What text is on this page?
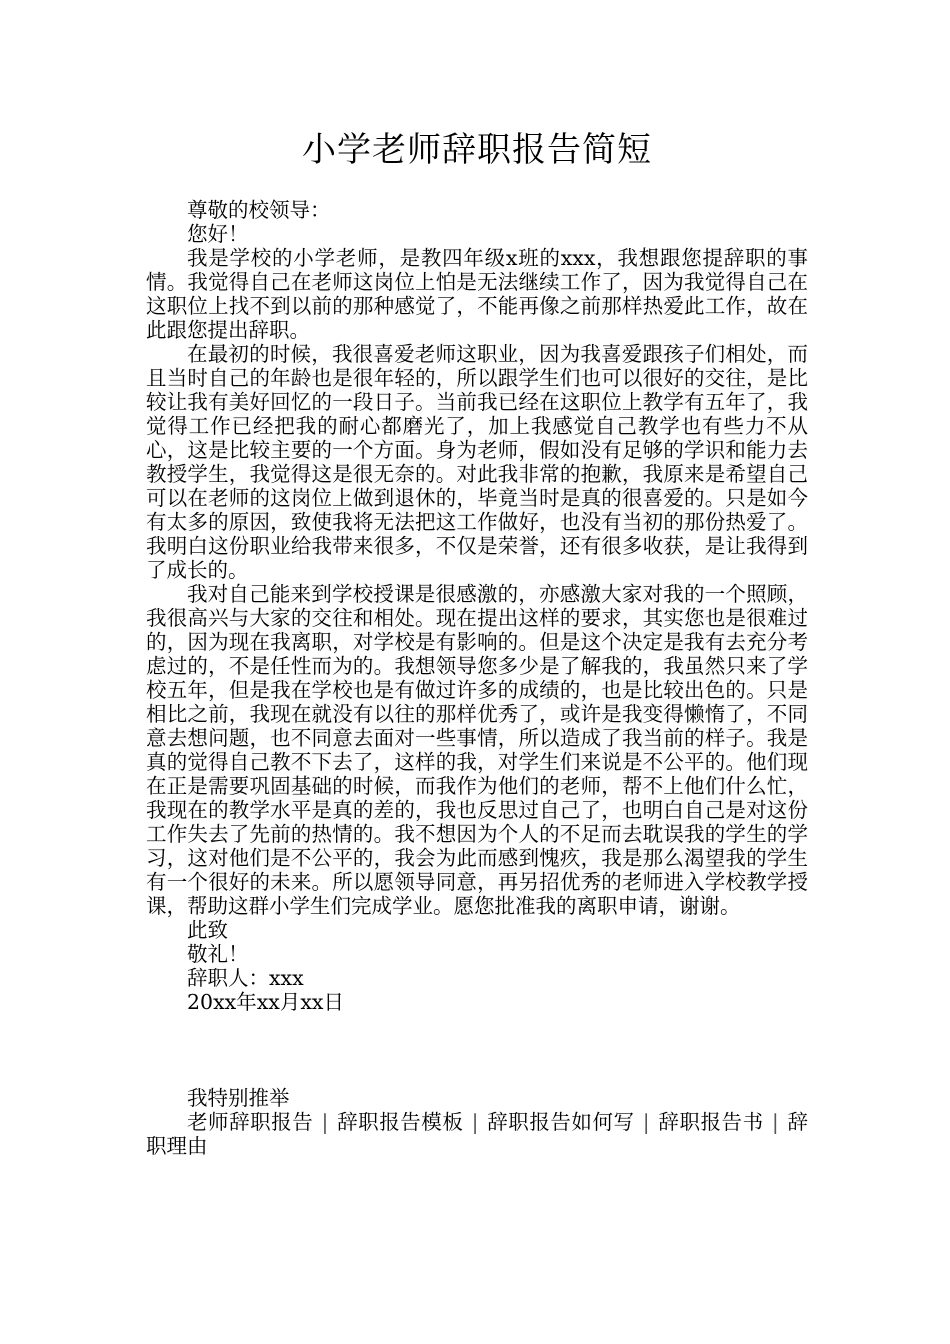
小学老师辞职报告简短

尊敬的校领导：

您好！

我是学校的小学老师，是教四年级x班的xxx，我想跟您提辞职的事情。我觉得自己在老师这岗位上怕是无法继续工作了，因为我觉得自己在这职位上找不到以前的那种感觉了，不能再像之前那样热爱此工作，故在此跟您提出辞职。

在最初的时候，我很喜爱老师这职业，因为我喜爱跟孩子们相处，而且当时自己的年龄也是很年轻的，所以跟学生们也可以很好的交往，是比较让我有美好回忆的一段日子。当前我已经在这职位上教学有五年了，我觉得工作已经把我的耐心都磨光了，加上我感觉自己教学也有些力不从心，这是比较主要的一个方面。身为老师，假如没有足够的学识和能力去教授学生，我觉得这是很无奈的。对此我非常的抱歉，我原来是希望自己可以在老师的这岗位上做到退休的，毕竟当时是真的很喜爱的。只是如今有太多的原因，致使我将无法把这工作做好，也没有当初的那份热爱了。我明白这份职业给我带来很多，不仅是荣誉，还有很多收获，是让我得到了成长的。

我对自己能来到学校授课是很感激的，亦感激大家对我的一个照顾，我很高兴与大家的交往和相处。现在提出这样的要求，其实您也是很难过的，因为现在我离职，对学校是有影响的。但是这个决定是我有去充分考虑过的，不是任性而为的。我想领导您多少是了解我的，我虽然只来了学校五年，但是我在学校也是有做过许多的成绩的，也是比较出色的。只是相比之前，我现在就没有以往的那样优秀了，或许是我变得懒惰了，不同意去想问题，也不同意去面对一些事情，所以造成了我当前的样子。我是真的觉得自己教不下去了，这样的我，对学生们来说是不公平的。他们现在正是需要巩固基础的时候，而我作为他们的老师，帮不上他们什么忙，我现在的教学水平是真的差的，我也反思过自己了，也明白自己是对这份工作失去了先前的热情的。我不想因为个人的不足而去耽误我的学生的学习，这对他们是不公平的，我会为此而感到愧疚，我是那么渴望我的学生有一个很好的未来。所以愿领导同意，再另招优秀的老师进入学校教学授课，帮助这群小学生们完成学业。愿您批准我的离职申请，谢谢。

此致

敬礼！

辞职人：xxx

20xx年xx月xx日

我特别推举

老师辞职报告 | 辞职报告模板 | 辞职报告如何写 | 辞职报告书 | 辞职理由
